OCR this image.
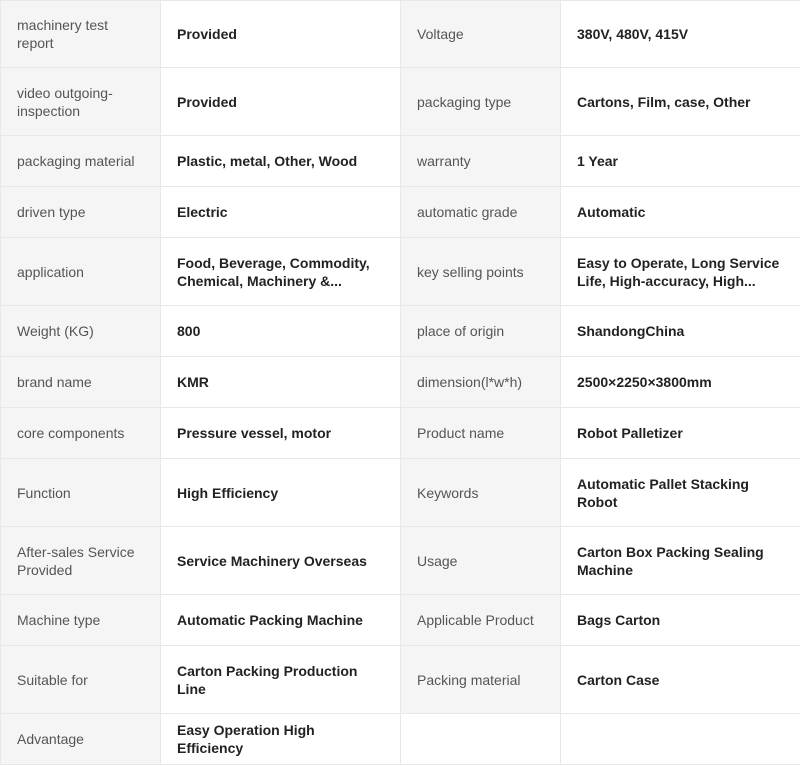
machinery test report	Provided	Voltage	380V, 480V, 415V
video outgoing-inspection	Provided	packaging type	Cartons, Film, case, Other
packaging material	Plastic, metal, Other, Wood	warranty	1 Year
driven type	Electric	automatic grade	Automatic
application	Food, Beverage, Commodity, Chemical, Machinery &...	key selling points	Easy to Operate, Long Service Life, High-accuracy, High...
Weight (KG)	800	place of origin	ShandongChina
brand name	KMR	dimension(l*w*h)	2500×2250×3800mm
core components	Pressure vessel, motor	Product name	Robot Palletizer
Function	High Efficiency	Keywords	Automatic Pallet Stacking Robot
After-sales Service Provided	Service Machinery Overseas	Usage	Carton Box Packing Sealing Machine
Machine type	Automatic Packing Machine	Applicable Product	Bags Carton
Suitable for	Carton Packing Production Line	Packing material	Carton Case
Advantage	Easy Operation High Efficiency		
